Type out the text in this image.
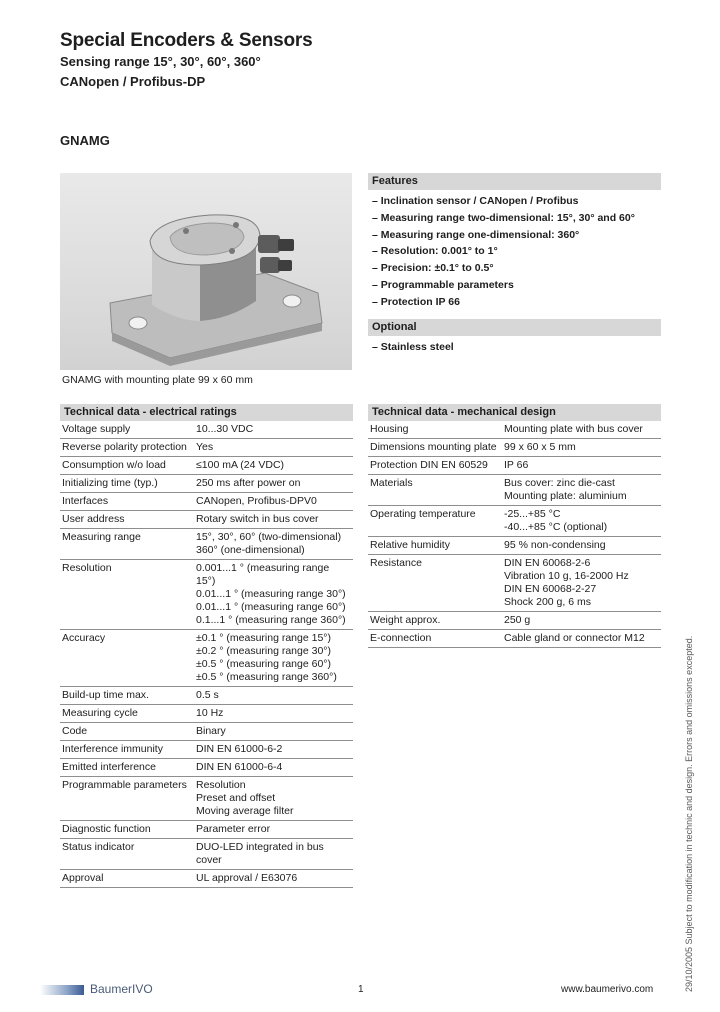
Special Encoders & Sensors
Sensing range 15°, 30°, 60°, 360°
CANopen / Profibus-DP
GNAMG
GNAMG with mounting plate 99 x 60 mm
Features
– Inclination sensor / CANopen / Profibus
– Measuring range two-dimensional: 15°, 30° and 60°
– Measuring range one-dimensional: 360°
– Resolution: 0.001° to 1°
– Precision: ±0.1° to 0.5°
– Programmable parameters
– Protection IP 66
Optional
– Stainless steel
Technical data - electrical ratings
Voltage supply	10...30 VDC

Reverse polarity protection	Yes

Consumption w/o load	≤100 mA (24 VDC)

Initializing time (typ.)	250 ms after power on

Interfaces	CANopen, Profibus-DPV0

User address	Rotary switch in bus cover

Measuring range	15°, 30°, 60° (two-dimensional)
360° (one-dimensional)

Resolution	0.001...1 ° (measuring range
15°)
0.01...1 ° (measuring range 30°)
0.01...1 ° (measuring range 60°)
0.1...1 ° (measuring range 360°)

Accuracy	±0.1 ° (measuring range 15°)
±0.2 ° (measuring range 30°)
±0.5 ° (measuring range 60°)
±0.5 ° (measuring range 360°)

Build-up time max.	0.5 s

Measuring cycle	10 Hz

Code	Binary

Interference immunity	DIN EN 61000-6-2

Emitted interference	DIN EN 61000-6-4

Programmable parameters	Resolution
Preset and offset
Moving average filter

Diagnostic function	Parameter error

Status indicator	DUO-LED integrated in bus
cover

Approval	UL approval / E63076
Technical data - mechanical design
Housing	Mounting plate with bus cover

Dimensions mounting plate	99 x 60 x 5 mm

Protection DIN EN 60529	IP 66

Materials	Bus cover: zinc die-cast
Mounting plate: aluminium

Operating temperature	-25...+85 °C
-40...+85 °C (optional)

Relative humidity	95 % non-condensing

Resistance	DIN EN 60068-2-6
Vibration 10 g, 16-2000 Hz
DIN EN 60068-2-27
Shock 200 g, 6 ms

Weight approx.	250 g

E-connection	Cable gland or connector M12	29/10/2005 Subject to modification in technic and design. Errors and omissions excepted.
BaumerIVO	1	www.baumerivo.com
